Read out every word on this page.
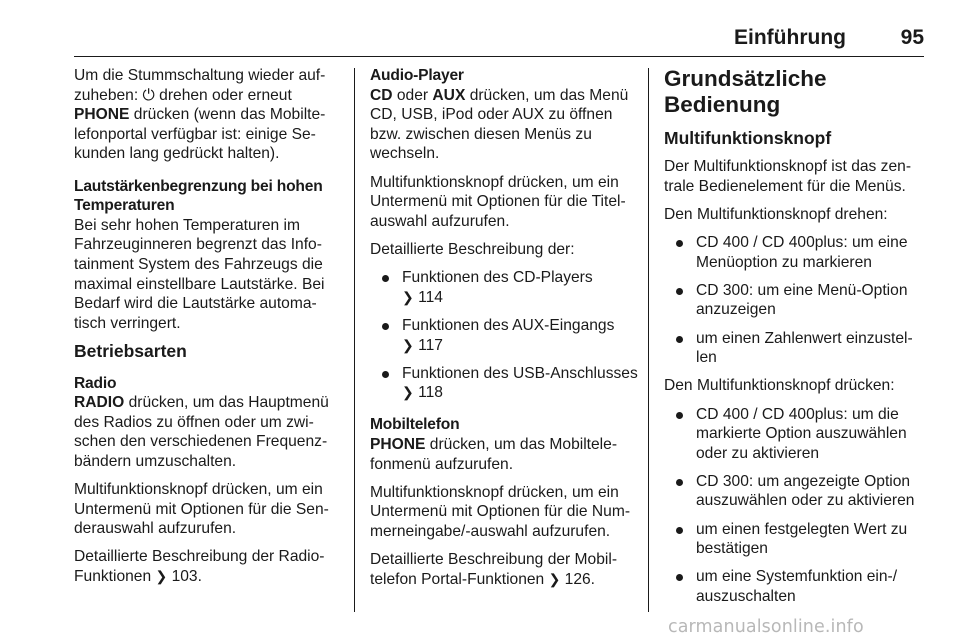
Einführung	95

Um die Stummschaltung wieder aufzuheben: ⏻ drehen oder erneut
PHONE drücken (wenn das Mobiltelefonportal verfügbar ist: einige Sekunden lang gedrückt halten).

Lautstärkenbegrenzung bei hohen Temperaturen

Bei sehr hohen Temperaturen im Fahrzeuginneren begrenzt das Infotainment System des Fahrzeugs die maximal einstellbare Lautstärke. Bei Bedarf wird die Lautstärke automatisch verringert.

Betriebsarten
Radio

RADIO drücken, um das Hauptmenü des Radios zu öffnen oder um zwischen den verschiedenen Frequenzbändern umzuschalten.

Multifunktionsknopf drücken, um ein Untermenü mit Optionen für die Senderauswahl aufzurufen.

Detaillierte Beschreibung der Radio-Funktionen ❯ 103.

Audio-Player

CD oder AUX drücken, um das Menü CD, USB, iPod oder AUX zu öffnen bzw. zwischen diesen Menüs zu wechseln.

Multifunktionsknopf drücken, um ein Untermenü mit Optionen für die Titelauswahl aufzurufen.

Detaillierte Beschreibung der:

Funktionen des CD-Players
❯ 114
Funktionen des AUX-Eingangs
❯ 117
Funktionen des USB-Anschlusses ❯ 118
Mobiltelefon

PHONE drücken, um das Mobiltelefonmenü aufzurufen.

Multifunktionsknopf drücken, um ein Untermenü mit Optionen für die Nummerneingabe/-auswahl aufzurufen.

Detaillierte Beschreibung der Mobiltelefon Portal-Funktionen ❯ 126.

Grundsätzliche Bedienung
Multifunktionsknopf

Der Multifunktionsknopf ist das zentrale Bedienelement für die Menüs.

Den Multifunktionsknopf drehen:

CD 400 / CD 400plus: um eine Menüoption zu markieren
CD 300: um eine Menü-Option anzuzeigen
um einen Zahlenwert einzustellen

Den Multifunktionsknopf drücken:

CD 400 / CD 400plus: um die markierte Option auszuwählen oder zu aktivieren
CD 300: um angezeigte Option auszuwählen oder zu aktivieren
um einen festgelegten Wert zu bestätigen
um eine Systemfunktion ein-/ auszuschalten
carmanualsonline.info
